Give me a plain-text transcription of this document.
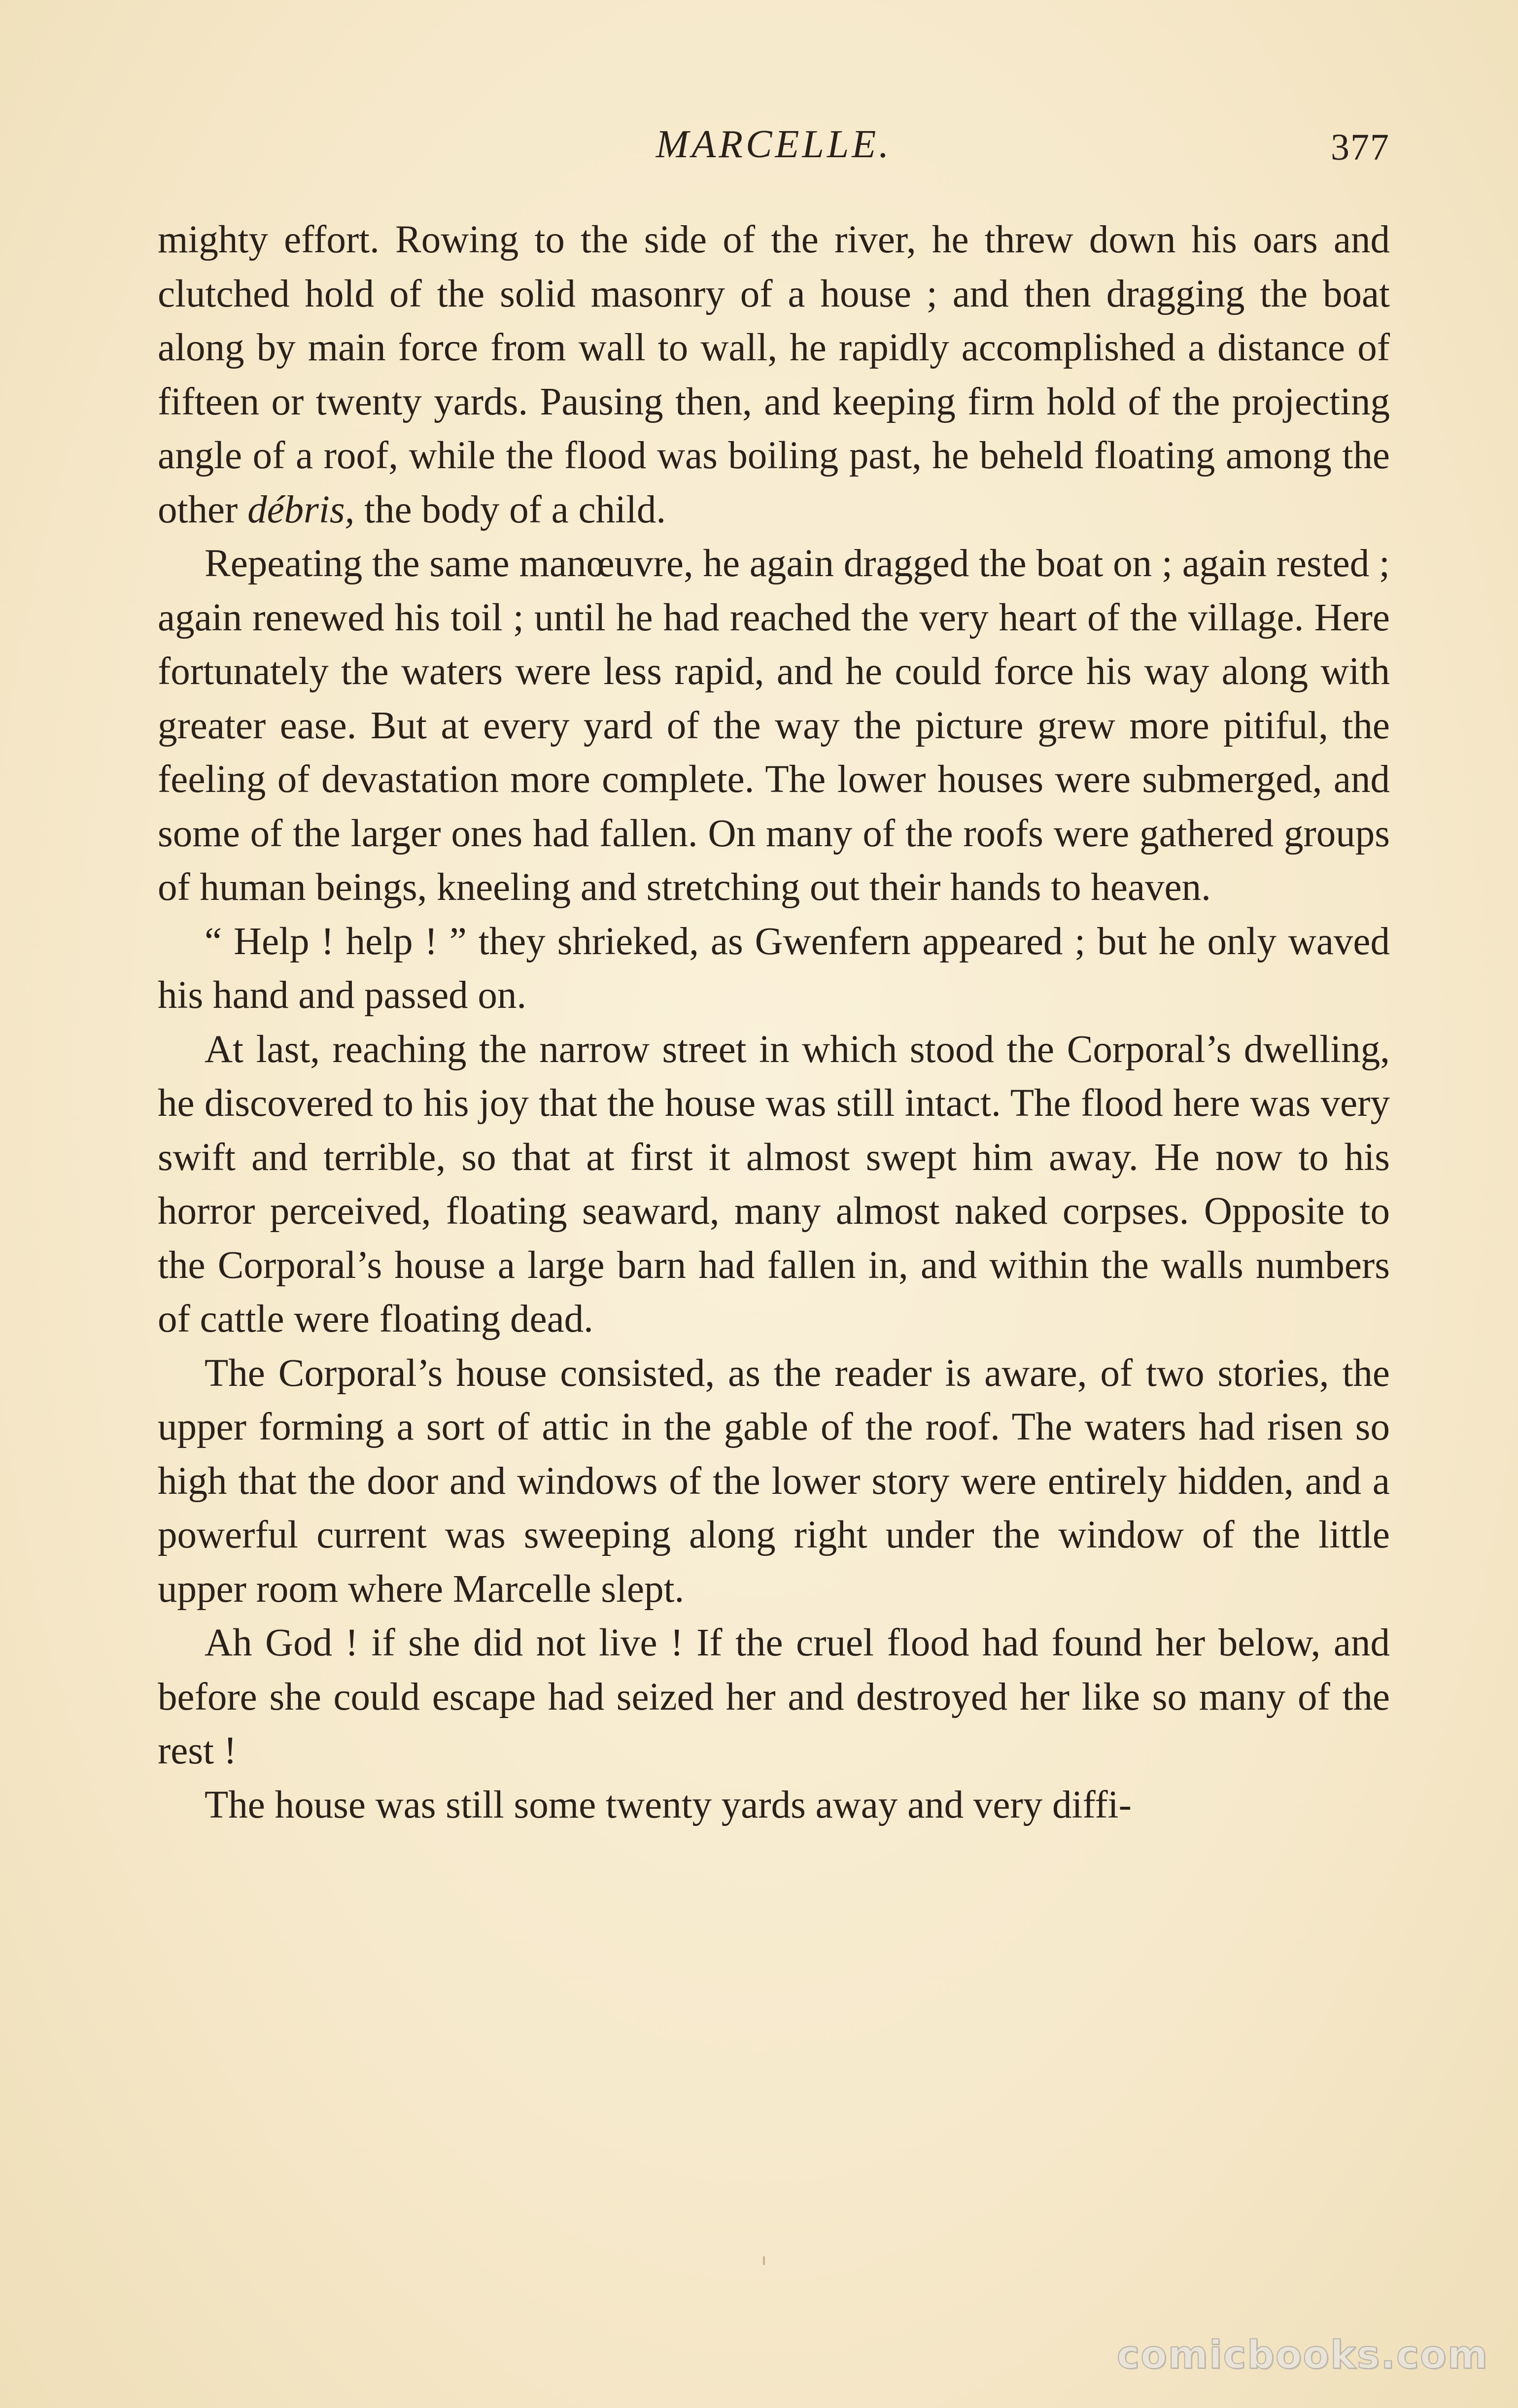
MARCELLE.	377

mighty effort. Rowing to the side of the river, he threw down his oars and clutched hold of the solid masonry of a house ; and then dragging the boat along by main force from wall to wall, he rapidly accomplished a distance of fifteen or twenty yards. Pausing then, and keeping firm hold of the projecting angle of a roof, while the flood was boiling past, he beheld floating among the other débris, the body of a child.

Repeating the same manœuvre, he again dragged the boat on ; again rested ; again renewed his toil ; until he had reached the very heart of the village. Here fortunately the waters were less rapid, and he could force his way along with greater ease. But at every yard of the way the picture grew more pitiful, the feeling of devastation more complete. The lower houses were submerged, and some of the larger ones had fallen. On many of the roofs were gathered groups of human beings, kneeling and stretching out their hands to heaven.

“ Help ! help ! ” they shrieked, as Gwenfern appeared ; but he only waved his hand and passed on.

At last, reaching the narrow street in which stood the Corporal’s dwelling, he discovered to his joy that the house was still intact. The flood here was very swift and terrible, so that at first it almost swept him away. He now to his horror perceived, floating seaward, many almost naked corpses. Opposite to the Corporal’s house a large barn had fallen in, and within the walls numbers of cattle were floating dead.

The Corporal’s house consisted, as the reader is aware, of two stories, the upper forming a sort of attic in the gable of the roof. The waters had risen so high that the door and windows of the lower story were entirely hidden, and a powerful current was sweeping along right under the window of the little upper room where Marcelle slept.

Ah God ! if she did not live ! If the cruel flood had found her below, and before she could escape had seized her and destroyed her like so many of the rest !

The house was still some twenty yards away and very diffi-

comicbooks.com
